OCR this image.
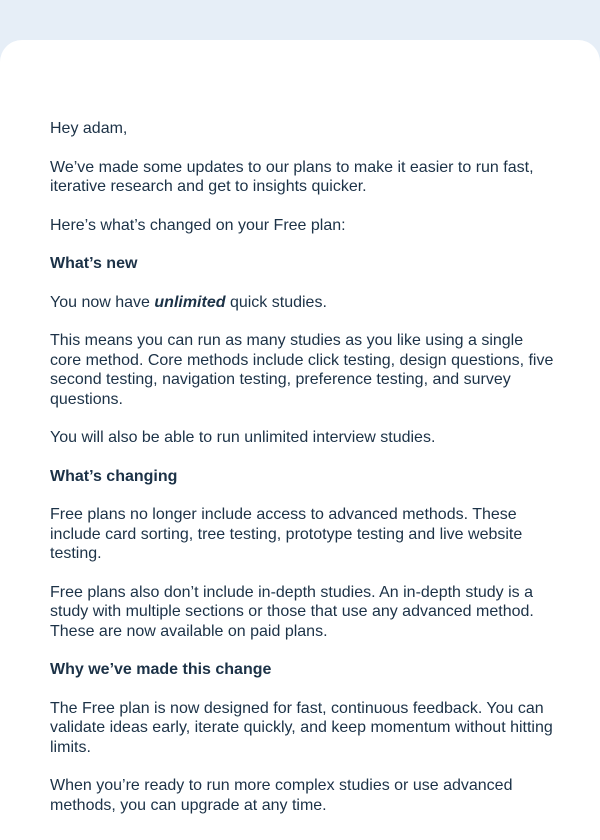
Hey adam,

We’ve made some updates to our plans to make it easier to run fast, iterative research and get to insights quicker.

Here’s what’s changed on your Free plan:

What’s new

You now have unlimited quick studies.

This means you can run as many studies as you like using a single core method. Core methods include click testing, design questions, five second testing, navigation testing, preference testing, and survey questions.

You will also be able to run unlimited interview studies.

What’s changing

Free plans no longer include access to advanced methods. These include card sorting, tree testing, prototype testing and live website testing.

Free plans also don’t include in-depth studies. An in-depth study is a study with multiple sections or those that use any advanced method. These are now available on paid plans.

Why we’ve made this change

The Free plan is now designed for fast, continuous feedback. You can validate ideas early, iterate quickly, and keep momentum without hitting limits.

When you’re ready to run more complex studies or use advanced methods, you can upgrade at any time.
